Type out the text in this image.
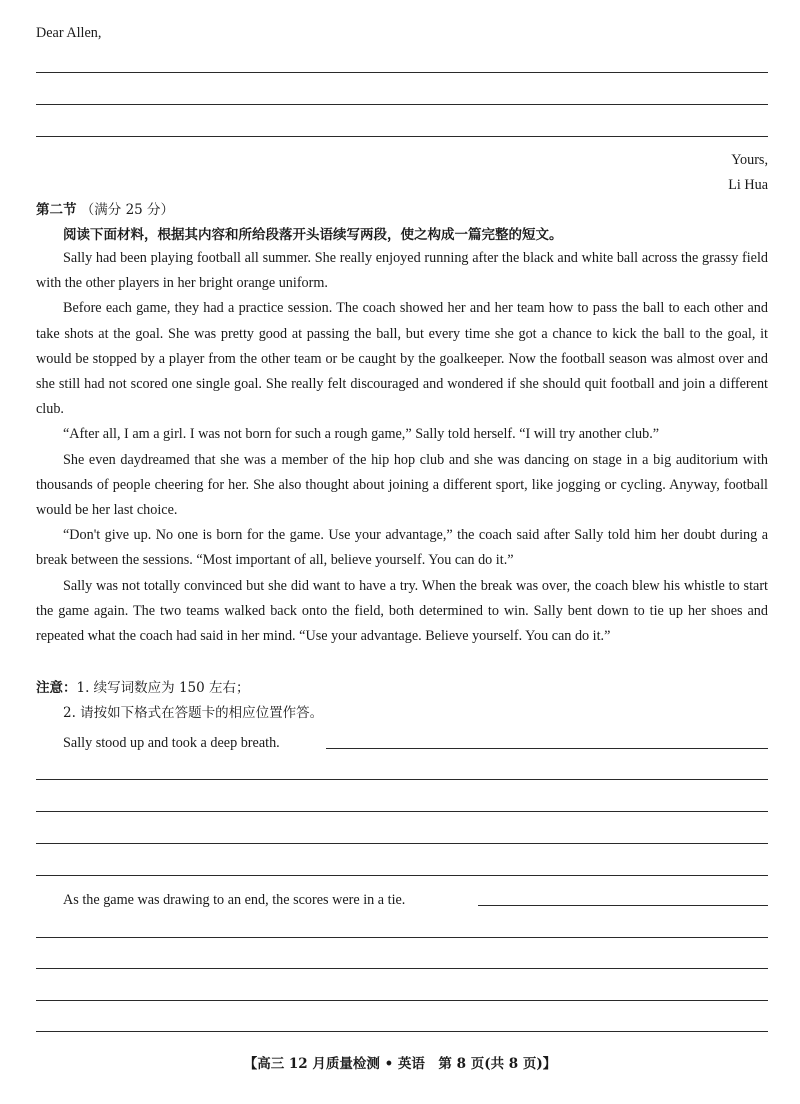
Dear Allen,
Yours,
Li Hua
第二节 （满分 25 分）
阅读下面材料，根据其内容和所给段落开头语续写两段，使之构成一篇完整的短文。

Sally had been playing football all summer. She really enjoyed running after the black and white ball across the grassy field with the other players in her bright orange uniform.

Before each game, they had a practice session. The coach showed her and her team how to pass the ball to each other and take shots at the goal. She was pretty good at passing the ball, but every time she got a chance to kick the ball to the goal, it would be stopped by a player from the other team or be caught by the goalkeeper. Now the football season was almost over and she still had not scored one single goal. She really felt discouraged and wondered if she should quit football and join a different club.

“After all, I am a girl. I was not born for such a rough game,” Sally told herself. “I will try another club.”

She even daydreamed that she was a member of the hip hop club and she was dancing on stage in a big auditorium with thousands of people cheering for her. She also thought about joining a different sport, like jogging or cycling. Anyway, football would be her last choice.

“Don't give up. No one is born for the game. Use your advantage,” the coach said after Sally told him her doubt during a break between the sessions. “Most important of all, believe yourself. You can do it.”

Sally was not totally convinced but she did want to have a try. When the break was over, the coach blew his whistle to start the game again. The two teams walked back onto the field, both determined to win. Sally bent down to tie up her shoes and repeated what the coach had said in her mind. “Use your advantage. Believe yourself. You can do it.”

注意：1. 续写词数应为 150 左右；
2. 请按如下格式在答题卡的相应位置作答。
Sally stood up and took a deep breath.
As the game was drawing to an end, the scores were in a tie.
【高三 12 月质量检测 • 英语　第 8 页(共 8 页)】
